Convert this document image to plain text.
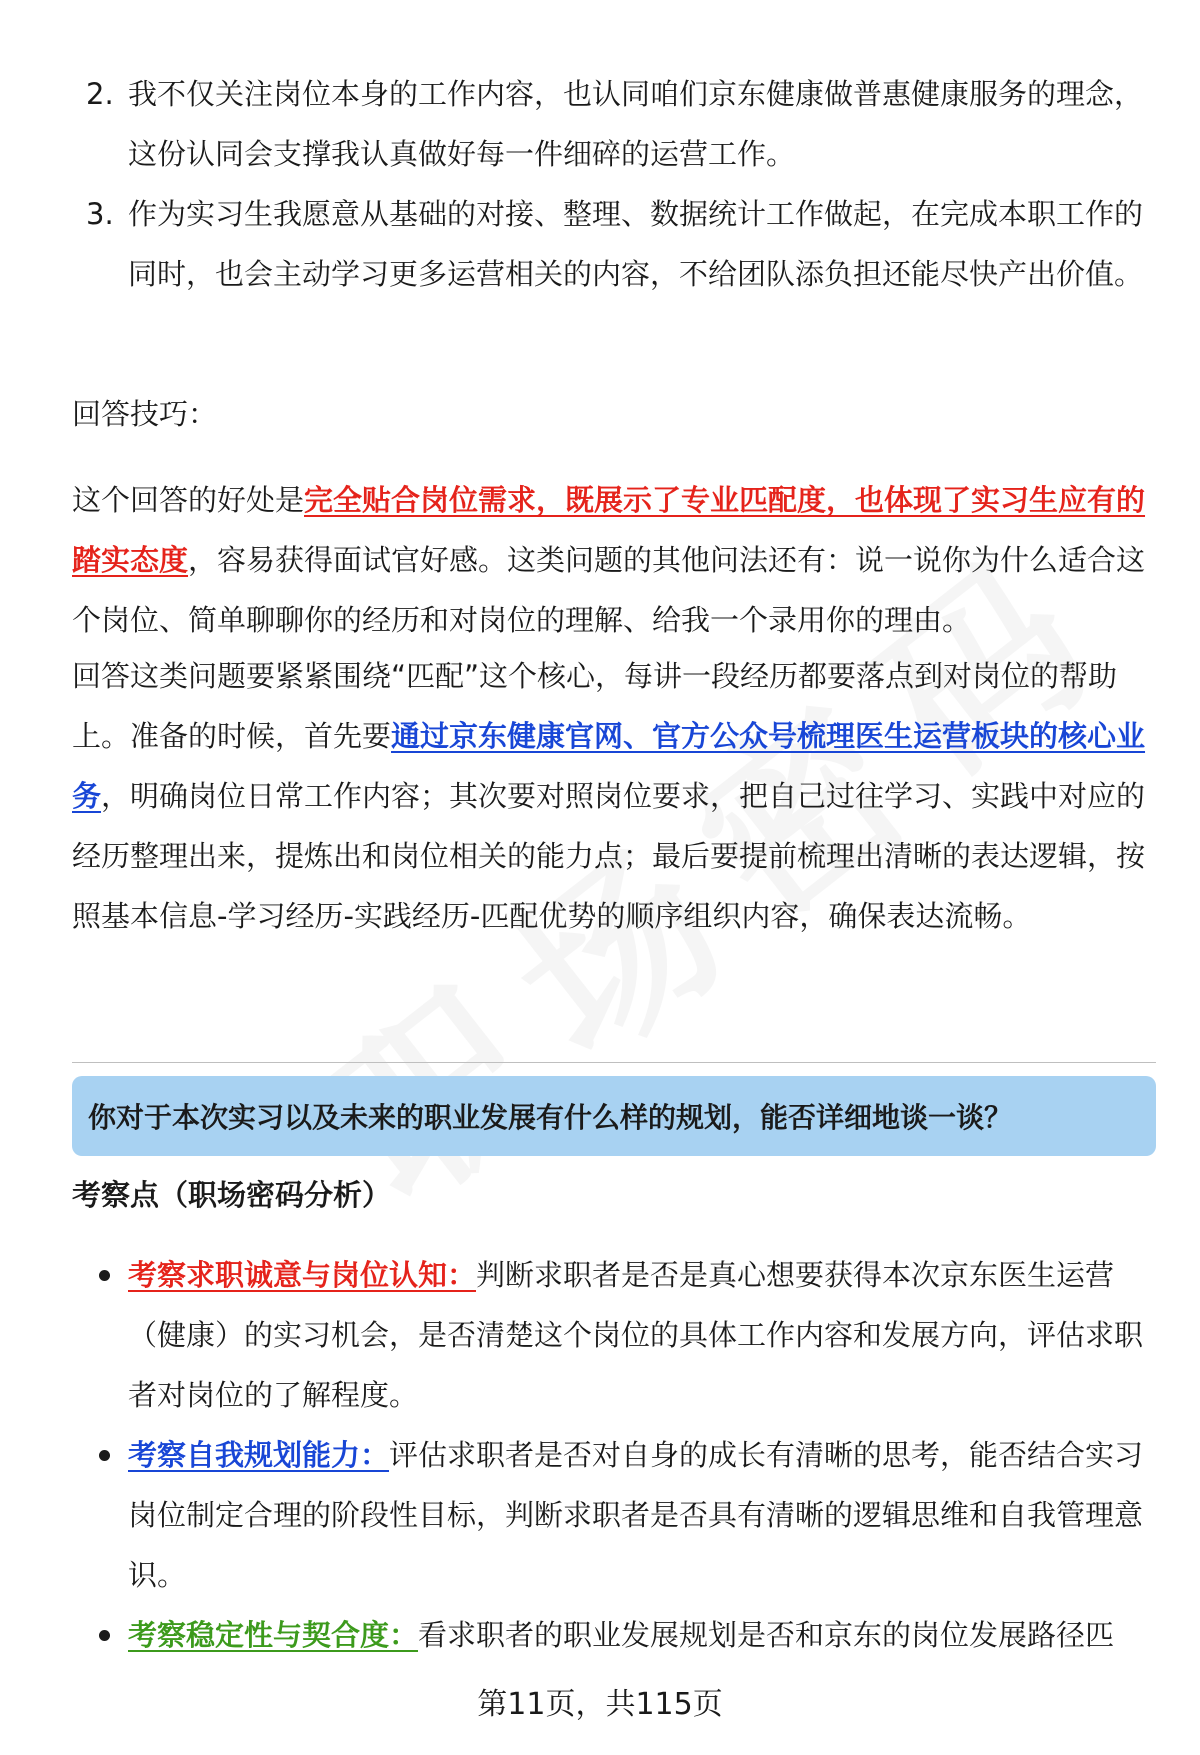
2. 我不仅关注岗位本身的工作内容，也认同咱们京东健康做普惠健康服务的理念，这份认同会支撑我认真做好每一件细碎的运营工作。

3. 作为实习生我愿意从基础的对接、整理、数据统计工作做起，在完成本职工作的同时，也会主动学习更多运营相关的内容，不给团队添负担还能尽快产出价值。

回答技巧：

这个回答的好处是完全贴合岗位需求，既展示了专业匹配度，也体现了实习生应有的踏实态度，容易获得面试官好感。这类问题的其他问法还有：说一说你为什么适合这个岗位、简单聊聊你的经历和对岗位的理解、给我一个录用你的理由。

回答这类问题要紧紧围绕“匹配”这个核心，每讲一段经历都要落点到对岗位的帮助上。准备的时候，首先要通过京东健康官网、官方公众号梳理医生运营板块的核心业务，明确岗位日常工作内容；其次要对照岗位要求，把自己过往学习、实践中对应的经历整理出来，提炼出和岗位相关的能力点；最后要提前梳理出清晰的表达逻辑，按照基本信息-学习经历-实践经历-匹配优势的顺序组织内容，确保表达流畅。

你对于本次实习以及未来的职业发展有什么样的规划，能否详细地谈一谈？
考察点（职场密码分析）

考察求职诚意与岗位认知：判断求职者是否是真心想要获得本次京东医生运营（健康）的实习机会，是否清楚这个岗位的具体工作内容和发展方向，评估求职者对岗位的了解程度。

考察自我规划能力：评估求职者是否对自身的成长有清晰的思考，能否结合实习岗位制定合理的阶段性目标，判断求职者是否具有清晰的逻辑思维和自我管理意识。

考察稳定性与契合度：看求职者的职业发展规划是否和京东的岗位发展路径匹

第11页，共115页
